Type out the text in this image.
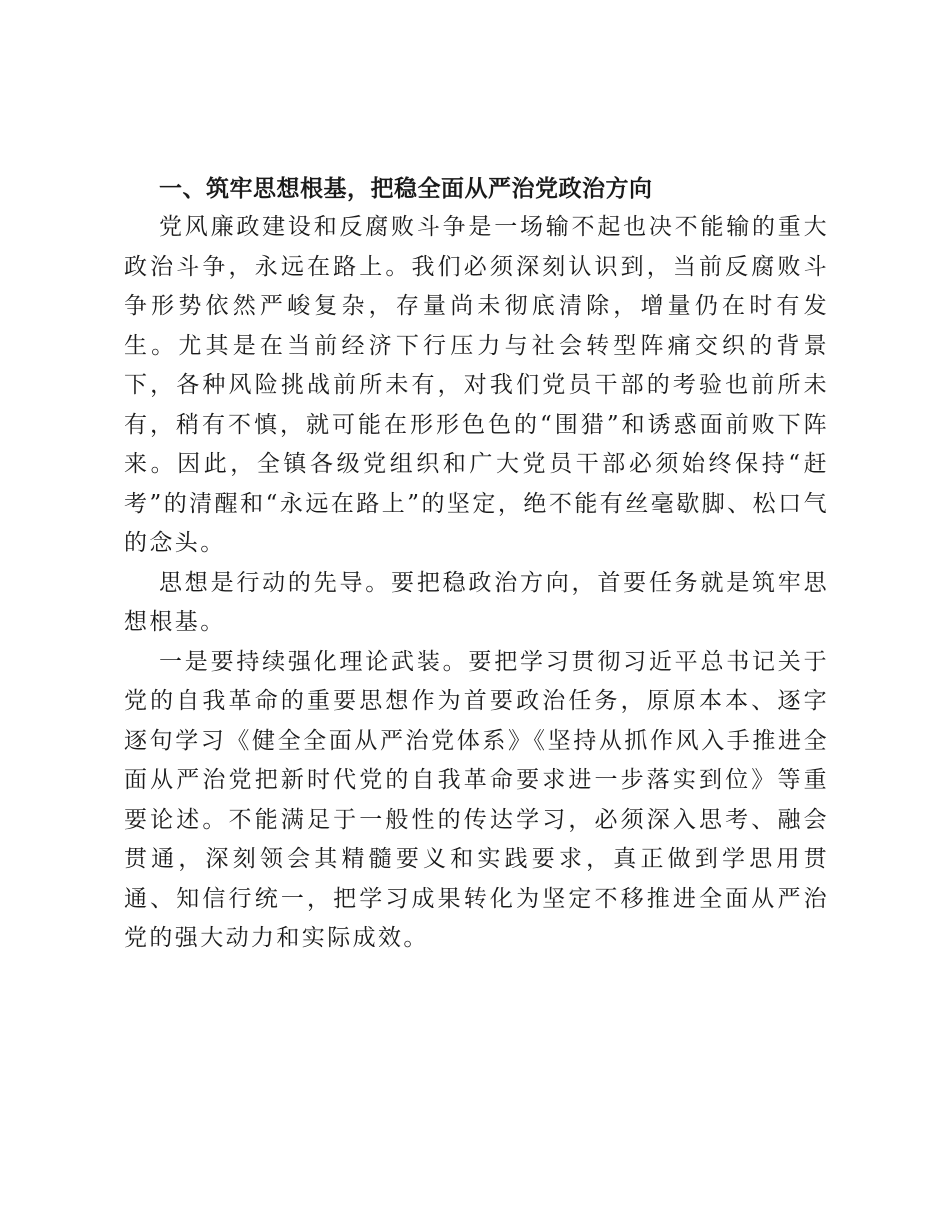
一、筑牢思想根基，把稳全面从严治党政治方向

党风廉政建设和反腐败斗争是一场输不起也决不能输的重大政治斗争，永远在路上。我们必须深刻认识到，当前反腐败斗争形势依然严峻复杂，存量尚未彻底清除，增量仍在时有发生。尤其是在当前经济下行压力与社会转型阵痛交织的背景下，各种风险挑战前所未有，对我们党员干部的考验也前所未有，稍有不慎，就可能在形形色色的“围猎”和诱惑面前败下阵来。因此，全镇各级党组织和广大党员干部必须始终保持“赶考”的清醒和“永远在路上”的坚定，绝不能有丝毫歇脚、松口气的念头。

思想是行动的先导。要把稳政治方向，首要任务就是筑牢思想根基。

一是要持续强化理论武装。要把学习贯彻习近平总书记关于党的自我革命的重要思想作为首要政治任务，原原本本、逐字逐句学习《健全全面从严治党体系》《坚持从抓作风入手推进全面从严治党把新时代党的自我革命要求进一步落实到位》等重要论述。不能满足于一般性的传达学习，必须深入思考、融会贯通，深刻领会其精髓要义和实践要求，真正做到学思用贯通、知信行统一，把学习成果转化为坚定不移推进全面从严治党的强大动力和实际成效。
